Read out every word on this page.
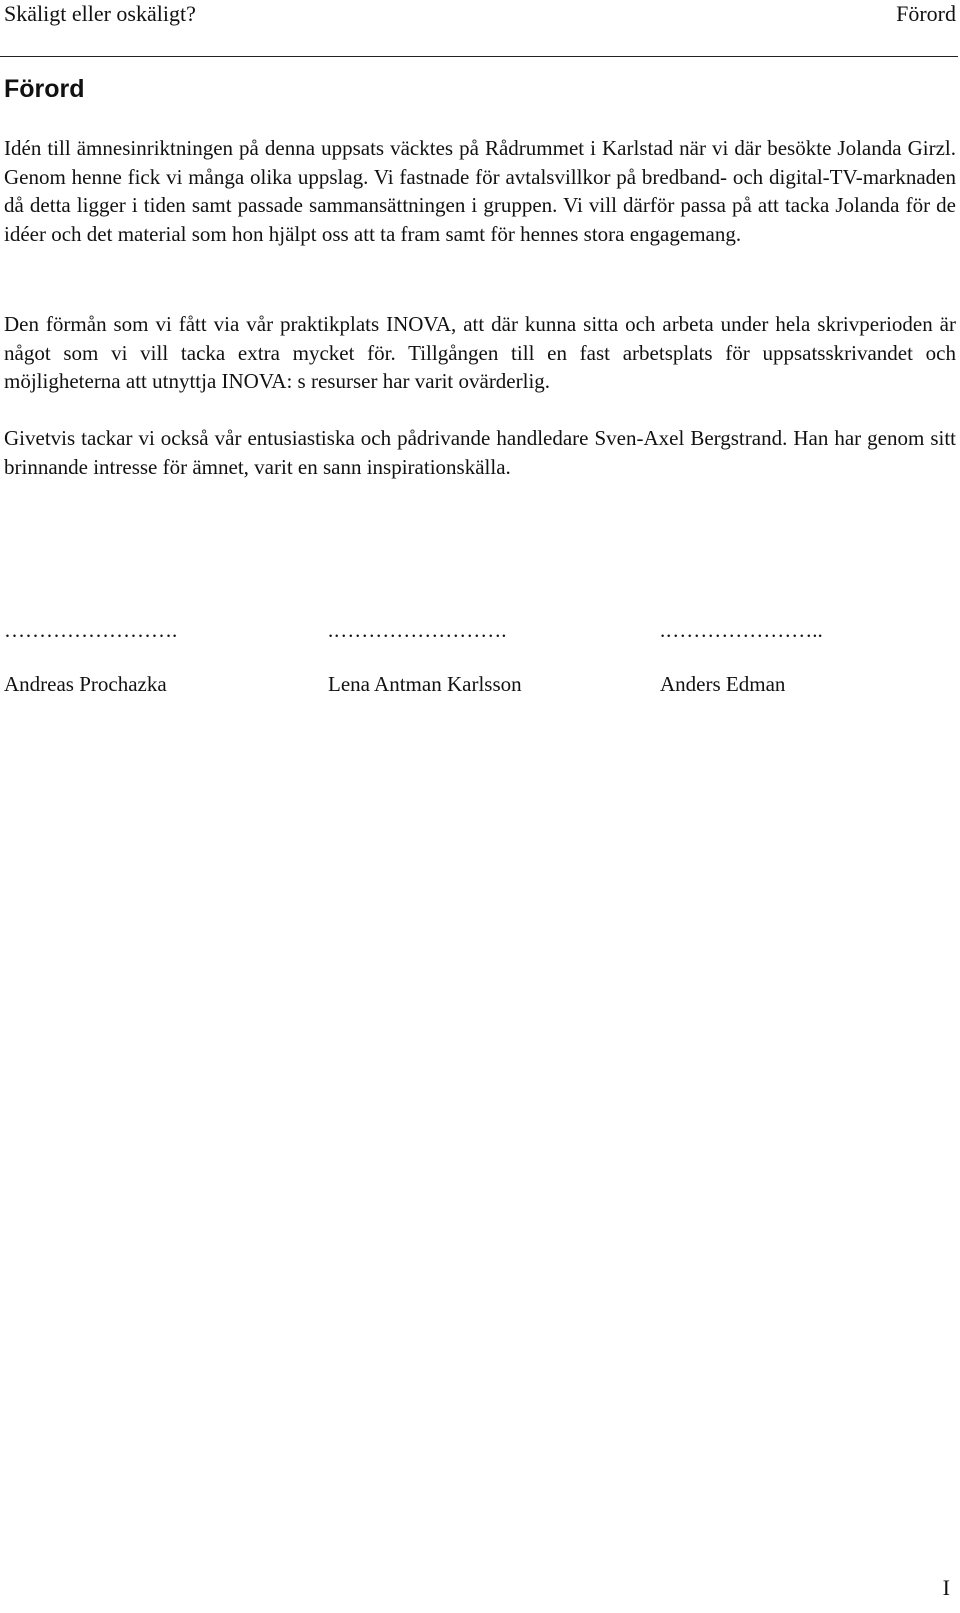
Skäligt eller oskäligt?	Förord
Förord

Idén till ämnesinriktningen på denna uppsats väcktes på Rådrummet i Karlstad när vi där besökte Jolanda Girzl. Genom henne fick vi många olika uppslag. Vi fastnade för avtalsvillkor på bredband- och digital-TV-marknaden då detta ligger i tiden samt passade sammansättningen i gruppen. Vi vill därför passa på att tacka Jolanda för de idéer och det material som hon hjälpt oss att ta fram samt för hennes stora engagemang.

Den förmån som vi fått via vår praktikplats INOVA, att där kunna sitta och arbeta under hela skrivperioden är något som vi vill tacka extra mycket för. Tillgången till en fast arbetsplats för uppsatsskrivandet och möjligheterna att utnyttja INOVA: s resurser har varit ovärderlig.

Givetvis tackar vi också vår entusiastiska och pådrivande handledare Sven-Axel Bergstrand. Han har genom sitt brinnande intresse för ämnet, varit en sann inspirationskälla.

…………………….	.…………………….	.…………………..
Andreas Prochazka	Lena Antman Karlsson	Anders Edman
I
